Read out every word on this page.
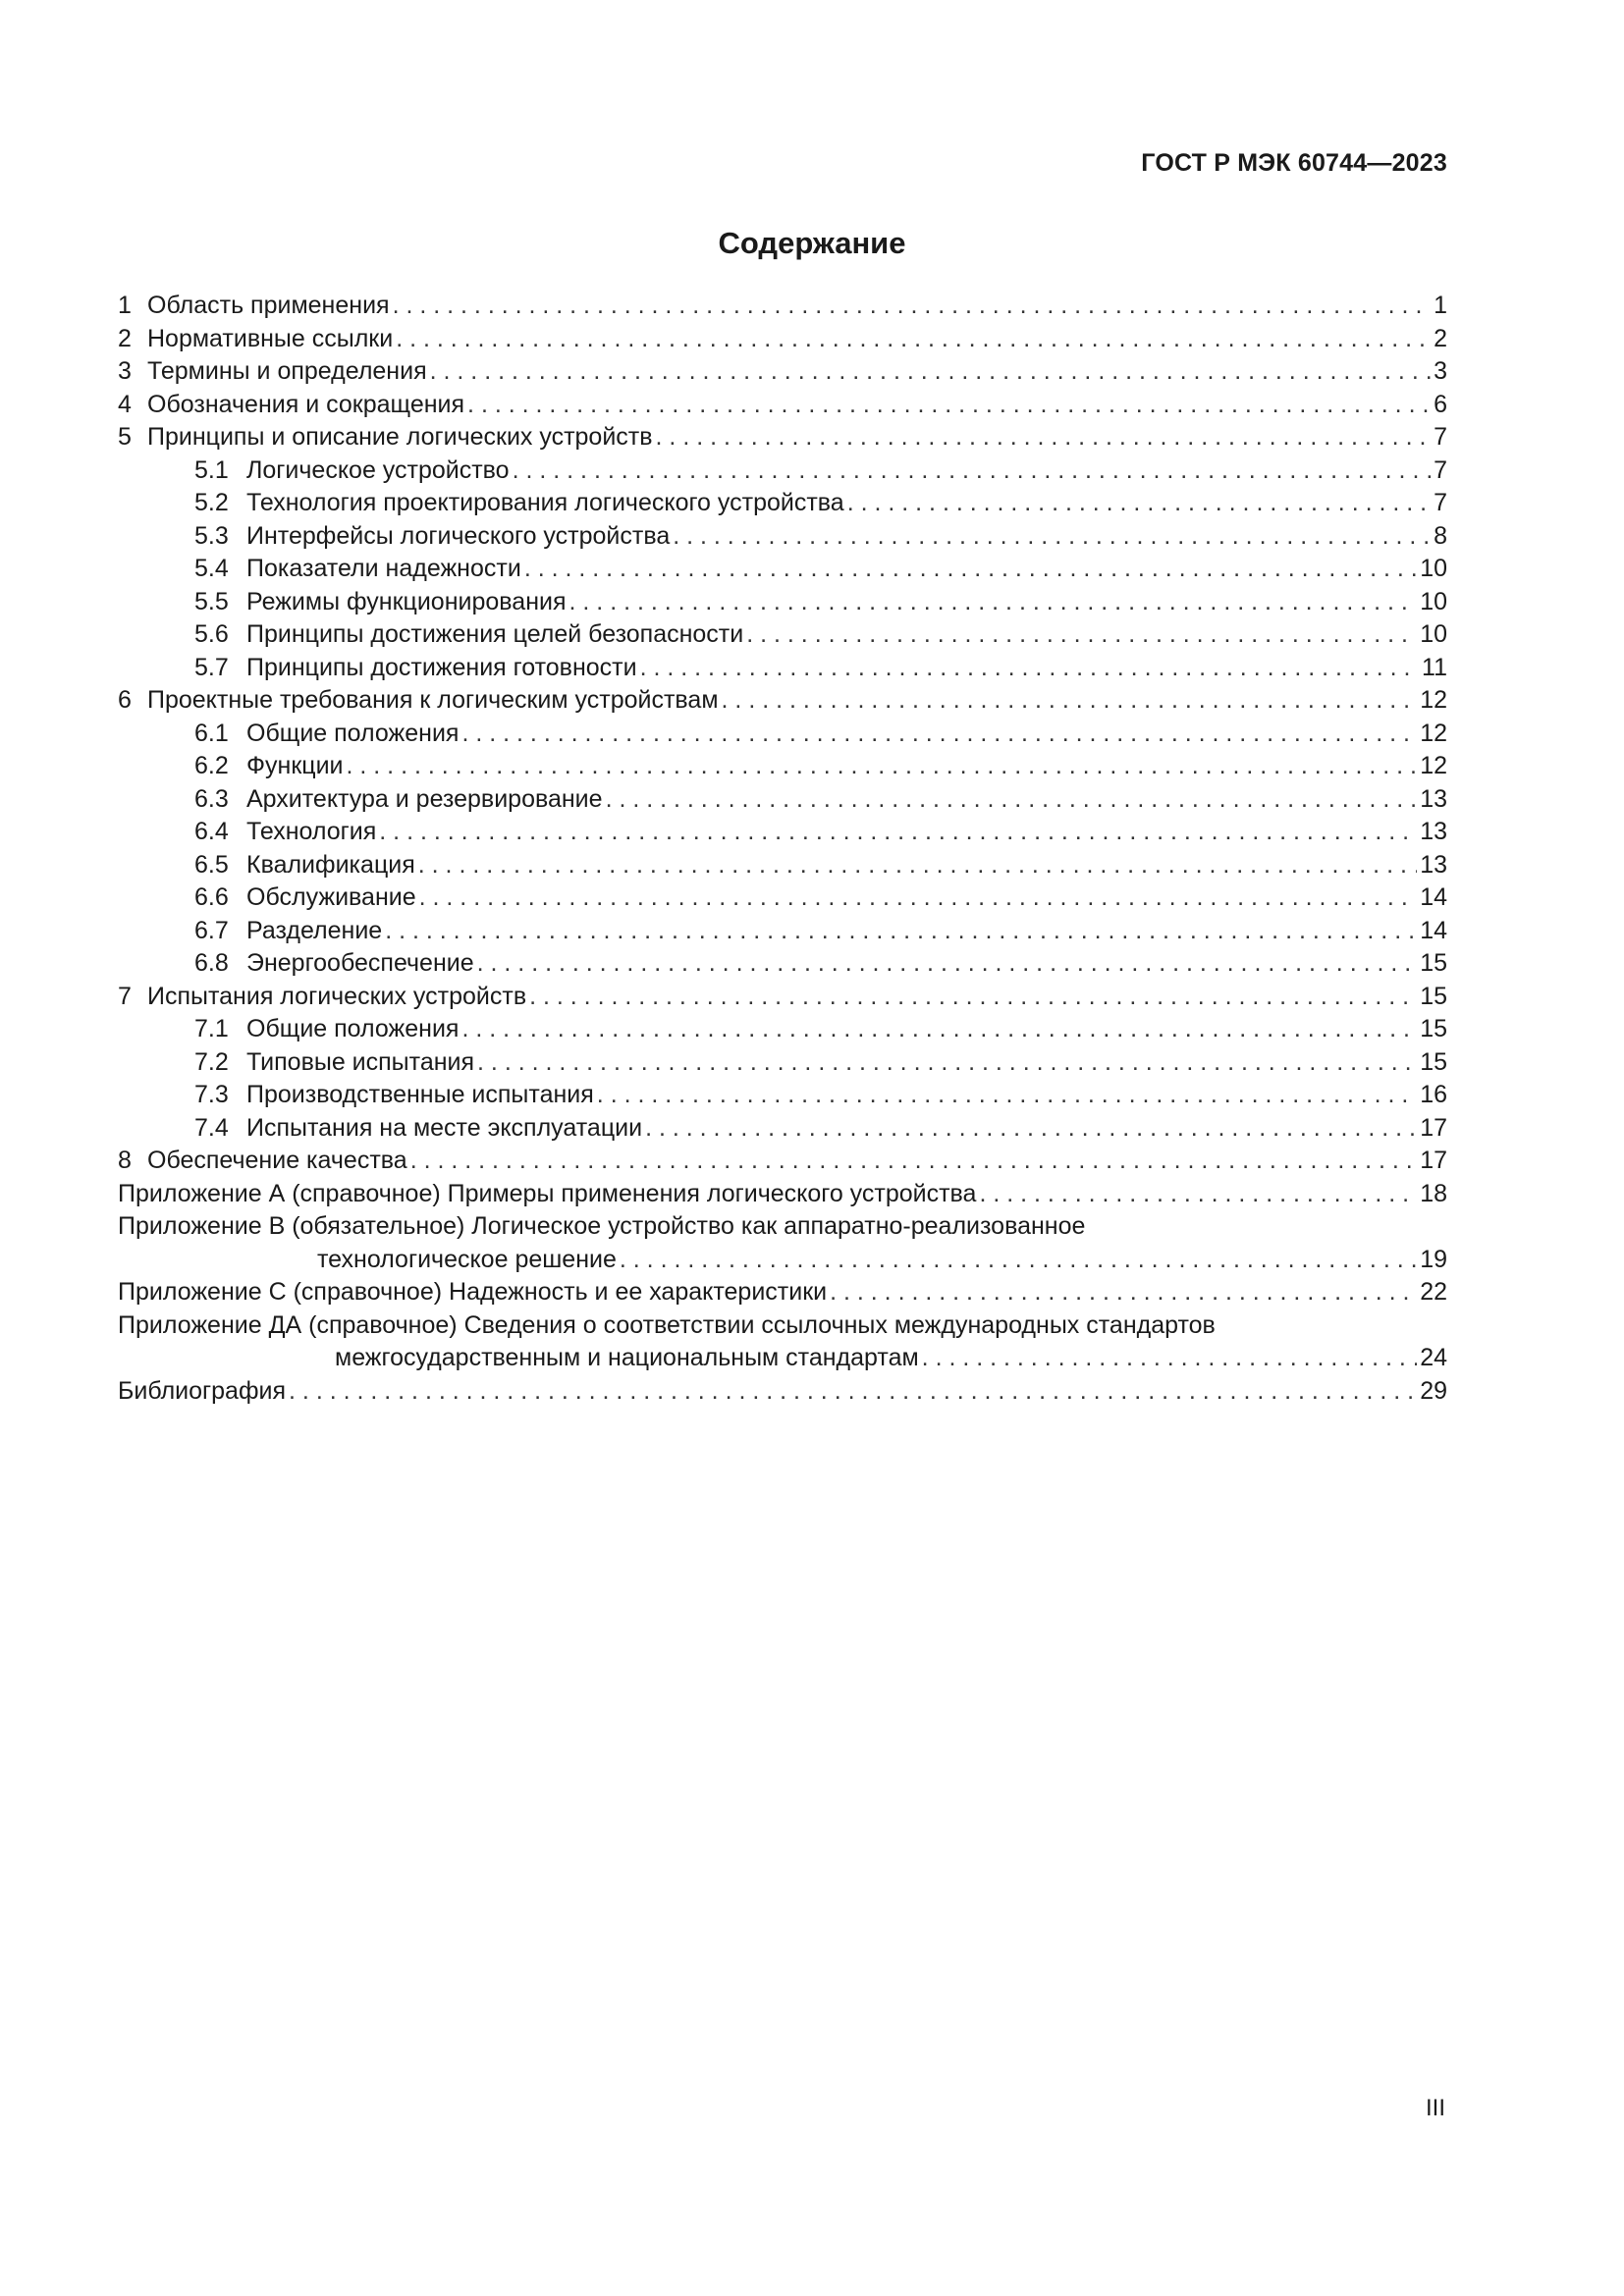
ГОСТ Р МЭК 60744—2023
Содержание
1 Область применения . . .	1
2 Нормативные ссылки . . .	2
3 Термины и определения . . .	3
4 Обозначения и сокращения . . .	6
5 Принципы и описание логических устройств . . .	7
5.1 Логическое устройство . . .	7
5.2 Технология проектирования логического устройства . . .	7
5.3 Интерфейсы логического устройства . . .	8
5.4 Показатели надежности . . .	10
5.5 Режимы функционирования . . .	10
5.6 Принципы достижения целей безопасности . . .	10
5.7 Принципы достижения готовности . . .	11
6 Проектные требования к логическим устройствам . . .	12
6.1 Общие положения . . .	12
6.2 Функции . . .	12
6.3 Архитектура и резервирование . . .	13
6.4 Технология . . .	13
6.5 Квалификация . . .	13
6.6 Обслуживание . . .	14
6.7 Разделение . . .	14
6.8 Энергообеспечение . . .	15
7 Испытания логических устройств . . .	15
7.1 Общие положения . . .	15
7.2 Типовые испытания . . .	15
7.3 Производственные испытания . . .	16
7.4 Испытания на месте эксплуатации . . .	17
8 Обеспечение качества . . .	17
Приложение А (справочное) Примеры применения логического устройства . . .	18
Приложение В (обязательное) Логическое устройство как аппаратно-реализованное
технологическое решение . . .	19
Приложение С (справочное) Надежность и ее характеристики . . .	22
Приложение ДА (справочное) Сведения о соответствии ссылочных международных стандартов
межгосударственным и национальным стандартам . . .	24
Библиография . . .	29
III
